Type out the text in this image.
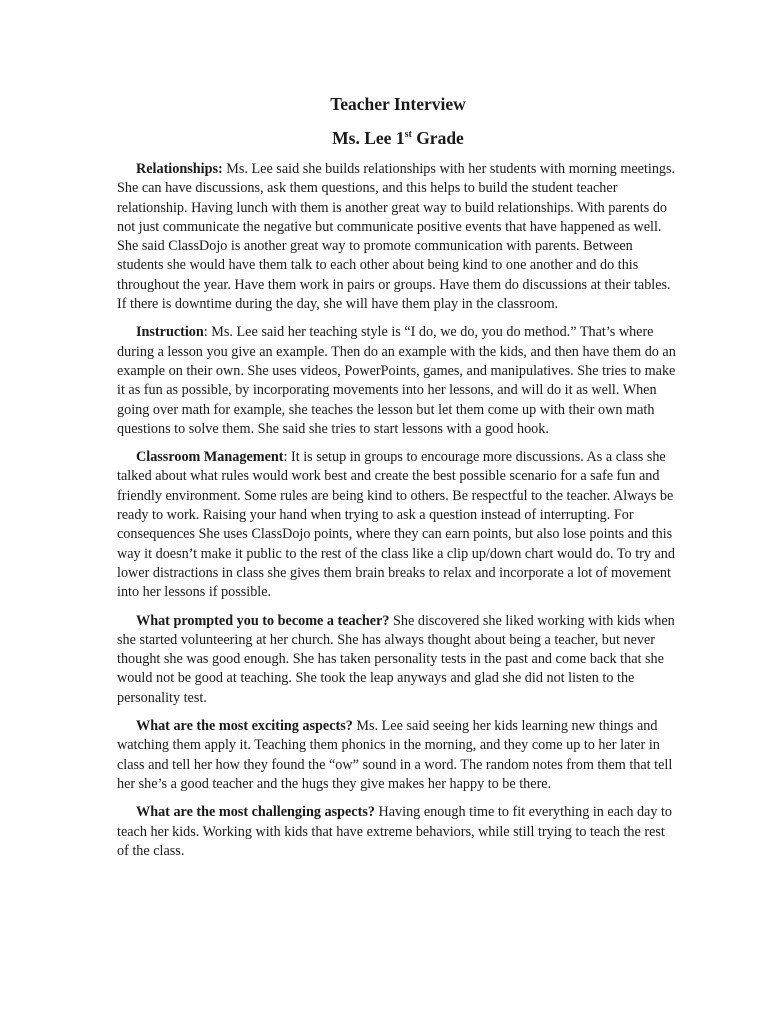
Teacher Interview
Ms. Lee 1st Grade

Relationships: Ms. Lee said she builds relationships with her students with morning meetings. She can have discussions, ask them questions, and this helps to build the student teacher relationship. Having lunch with them is another great way to build relationships. With parents do not just communicate the negative but communicate positive events that have happened as well. She said ClassDojo is another great way to promote communication with parents. Between students she would have them talk to each other about being kind to one another and do this throughout the year. Have them work in pairs or groups. Have them do discussions at their tables. If there is downtime during the day, she will have them play in the classroom.

Instruction: Ms. Lee said her teaching style is “I do, we do, you do method.” That’s where during a lesson you give an example. Then do an example with the kids, and then have them do an example on their own. She uses videos, PowerPoints, games, and manipulatives. She tries to make it as fun as possible, by incorporating movements into her lessons, and will do it as well. When going over math for example, she teaches the lesson but let them come up with their own math questions to solve them. She said she tries to start lessons with a good hook.

Classroom Management: It is setup in groups to encourage more discussions. As a class she talked about what rules would work best and create the best possible scenario for a safe fun and friendly environment. Some rules are being kind to others. Be respectful to the teacher. Always be ready to work. Raising your hand when trying to ask a question instead of interrupting. For consequences She uses ClassDojo points, where they can earn points, but also lose points and this way it doesn’t make it public to the rest of the class like a clip up/down chart would do. To try and lower distractions in class she gives them brain breaks to relax and incorporate a lot of movement into her lessons if possible.

What prompted you to become a teacher? She discovered she liked working with kids when she started volunteering at her church. She has always thought about being a teacher, but never thought she was good enough. She has taken personality tests in the past and come back that she would not be good at teaching. She took the leap anyways and glad she did not listen to the personality test.

What are the most exciting aspects? Ms. Lee said seeing her kids learning new things and watching them apply it. Teaching them phonics in the morning, and they come up to her later in class and tell her how they found the “ow” sound in a word. The random notes from them that tell her she’s a good teacher and the hugs they give makes her happy to be there.

What are the most challenging aspects? Having enough time to fit everything in each day to teach her kids. Working with kids that have extreme behaviors, while still trying to teach the rest of the class.
